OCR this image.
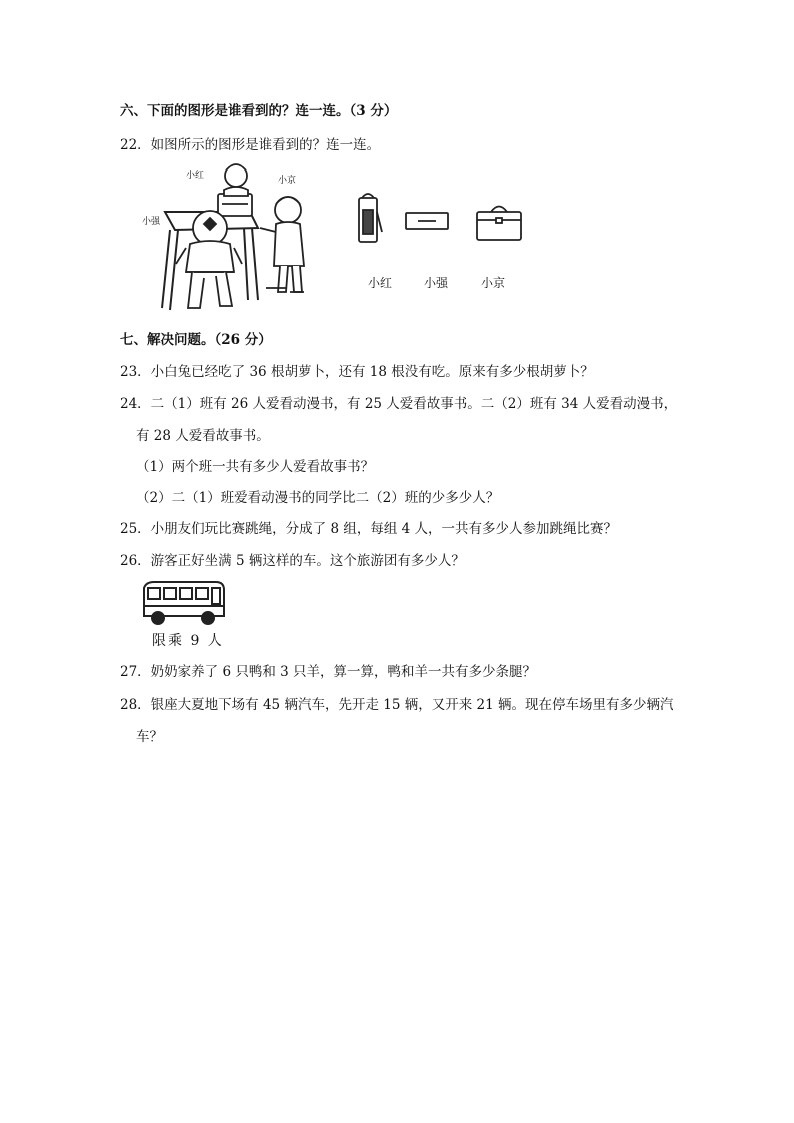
六、下面的图形是谁看到的？连一连。（3 分）
22．如图所示的图形是谁看到的？连一连。
小红	小京
小强
小红	小强	小京
七、解决问题。（26 分）
23．小白兔已经吃了 36 根胡萝卜，还有 18 根没有吃。原来有多少根胡萝卜？
24．二（1）班有 26 人爱看动漫书，有 25 人爱看故事书。二（2）班有 34 人爱看动漫书，
有 28 人爱看故事书。
（1）两个班一共有多少人爱看故事书？
（2）二（1）班爱看动漫书的同学比二（2）班的少多少人？
25．小朋友们玩比赛跳绳，分成了 8 组，每组 4 人，一共有多少人参加跳绳比赛？
26．游客正好坐满 5 辆这样的车。这个旅游团有多少人？
限乘 9 人
27．奶奶家养了 6 只鸭和 3 只羊，算一算，鸭和羊一共有多少条腿？
28．银座大夏地下场有 45 辆汽车，先开走 15 辆，又开来 21 辆。现在停车场里有多少辆汽
车？
